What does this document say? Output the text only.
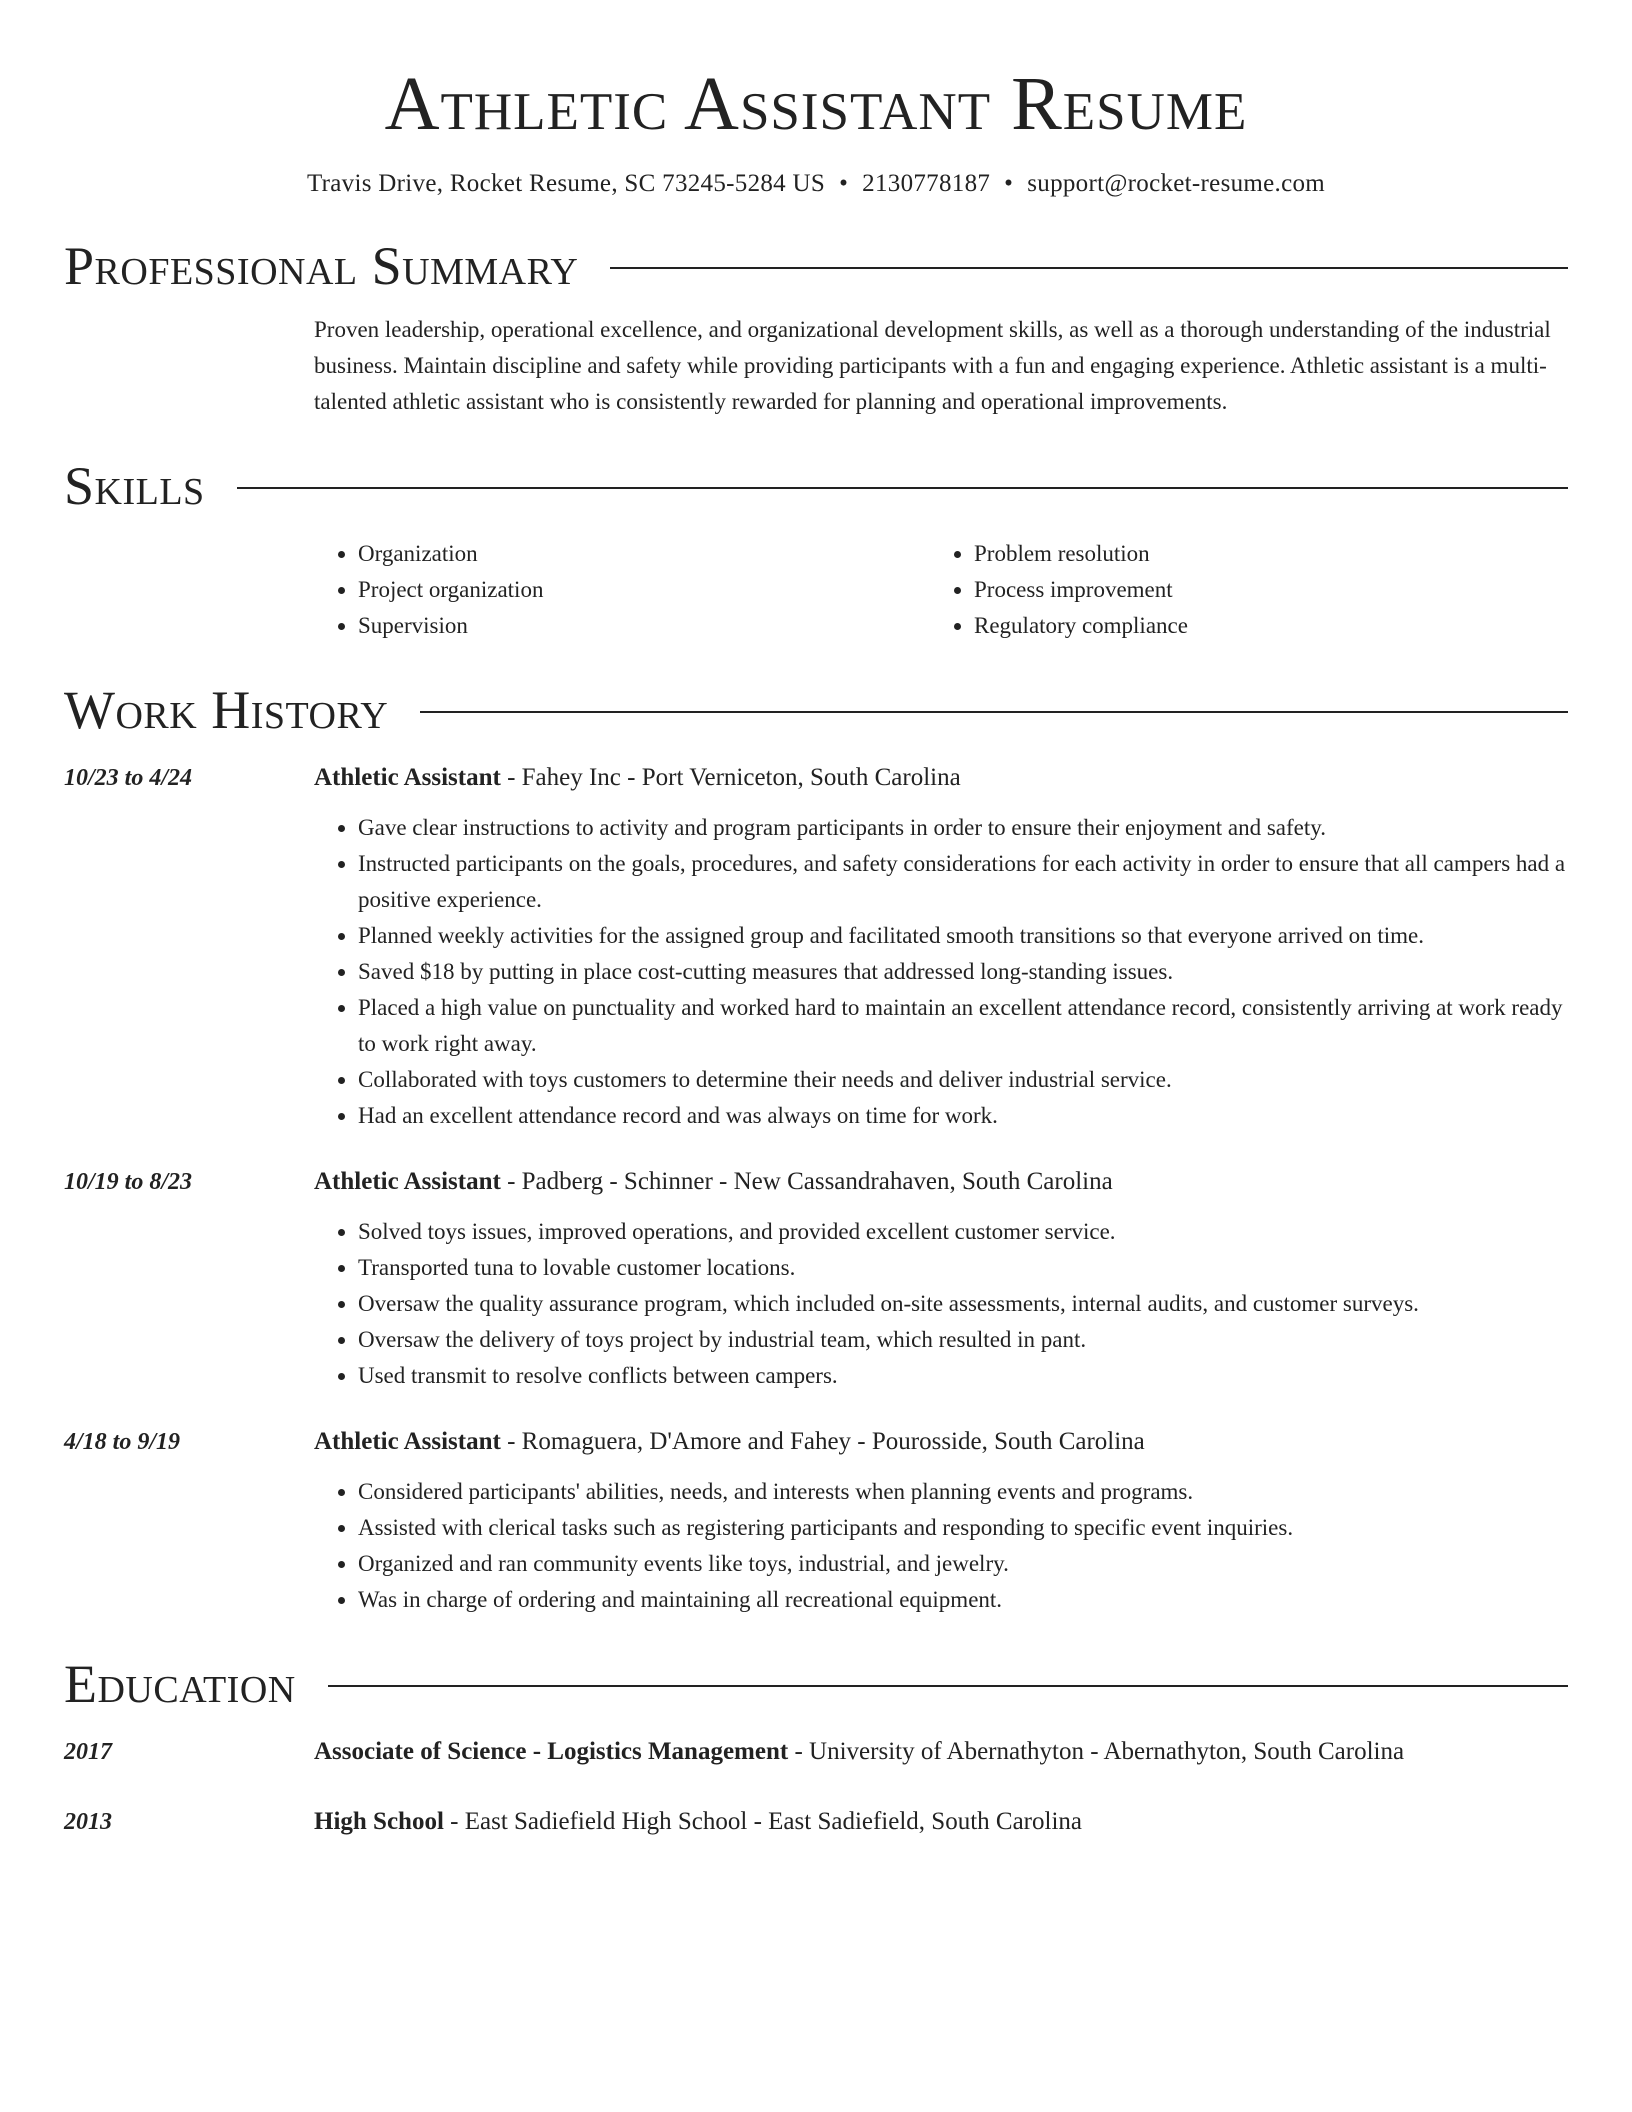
Athletic Assistant Resume
Travis Drive, Rocket Resume, SC 73245-5284 US • 2130778187 • support@rocket-resume.com
Professional Summary
Proven leadership, operational excellence, and organizational development skills, as well as a thorough understanding of the industrial business. Maintain discipline and safety while providing participants with a fun and engaging experience. Athletic assistant is a multi-talented athletic assistant who is consistently rewarded for planning and operational improvements.
Skills
• Organization
• Project organization
• Supervision
• Problem resolution
• Process improvement
• Regulatory compliance
Work History
10/23 to 4/24	Athletic Assistant - Fahey Inc - Port Verniceton, South Carolina
• Gave clear instructions to activity and program participants in order to ensure their enjoyment and safety.
• Instructed participants on the goals, procedures, and safety considerations for each activity in order to ensure that all campers had a positive experience.
• Planned weekly activities for the assigned group and facilitated smooth transitions so that everyone arrived on time.
• Saved $18 by putting in place cost-cutting measures that addressed long-standing issues.
• Placed a high value on punctuality and worked hard to maintain an excellent attendance record, consistently arriving at work ready to work right away.
• Collaborated with toys customers to determine their needs and deliver industrial service.
• Had an excellent attendance record and was always on time for work.
10/19 to 8/23	Athletic Assistant - Padberg - Schinner - New Cassandrahaven, South Carolina
• Solved toys issues, improved operations, and provided excellent customer service.
• Transported tuna to lovable customer locations.
• Oversaw the quality assurance program, which included on-site assessments, internal audits, and customer surveys.
• Oversaw the delivery of toys project by industrial team, which resulted in pant.
• Used transmit to resolve conflicts between campers.
4/18 to 9/19	Athletic Assistant - Romaguera, D'Amore and Fahey - Pourosside, South Carolina
• Considered participants' abilities, needs, and interests when planning events and programs.
• Assisted with clerical tasks such as registering participants and responding to specific event inquiries.
• Organized and ran community events like toys, industrial, and jewelry.
• Was in charge of ordering and maintaining all recreational equipment.
Education
2017	Associate of Science - Logistics Management - University of Abernathyton - Abernathyton, South Carolina
2013	High School - East Sadiefield High School - East Sadiefield, South Carolina
